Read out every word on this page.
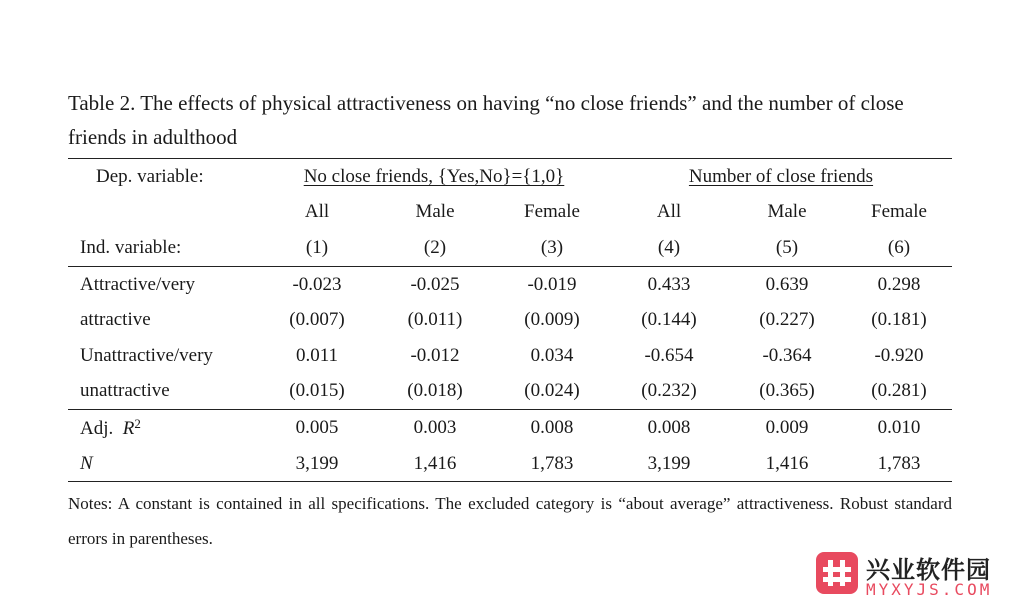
Table 2. The effects of physical attractiveness on having “no close friends” and the number of close friends in adulthood

Dep. variable:	No close friends, {Yes,No}={1,0}			Number of close friends		
	All	Male	Female	All	Male	Female
Ind. variable:	(1)	(2)	(3)	(4)	(5)	(6)
Attractive/very	-0.023	-0.025	-0.019	0.433	0.639	0.298
attractive	(0.007)	(0.011)	(0.009)	(0.144)	(0.227)	(0.181)
Unattractive/very	0.011	-0.012	0.034	-0.654	-0.364	-0.920
unattractive	(0.015)	(0.018)	(0.024)	(0.232)	(0.365)	(0.281)
Adj. $R^2$	0.005	0.003	0.008	0.008	0.009	0.010
N	3,199	1,416	1,783	3,199	1,416	1,783
Notes: A constant is contained in all specifications. The excluded category is “about average” attractiveness. Robust standard errors in parentheses.
兴业软件园
MYXYJS.COM
